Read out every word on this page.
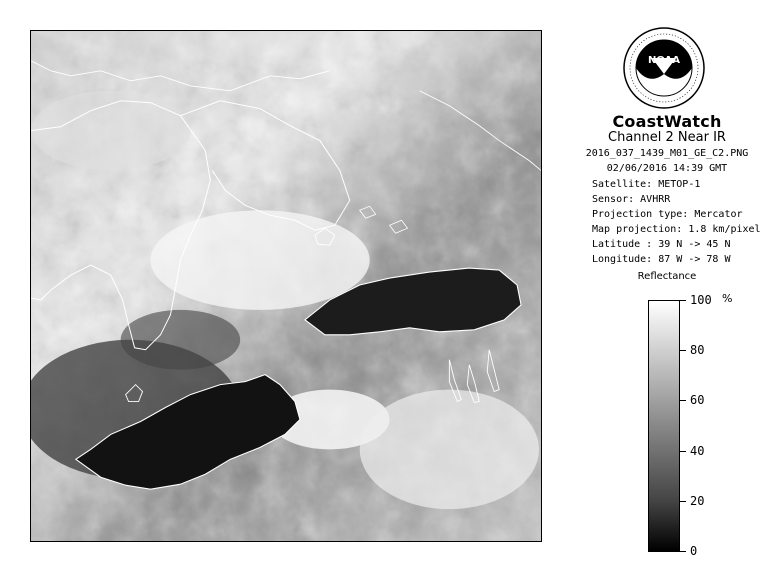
NOAA
CoastWatch
Channel 2 Near IR
2016_037_1439_M01_GE_C2.PNG
02/06/2016 14:39 GMT
Satellite: METOP-1
Sensor: AVHRR
Projection type: Mercator
Map projection: 1.8 km/pixel
Latitude : 39 N -> 45 N
Longitude: 87 W -> 78 W
Reflectance
%
100
80
60
40
20
0
